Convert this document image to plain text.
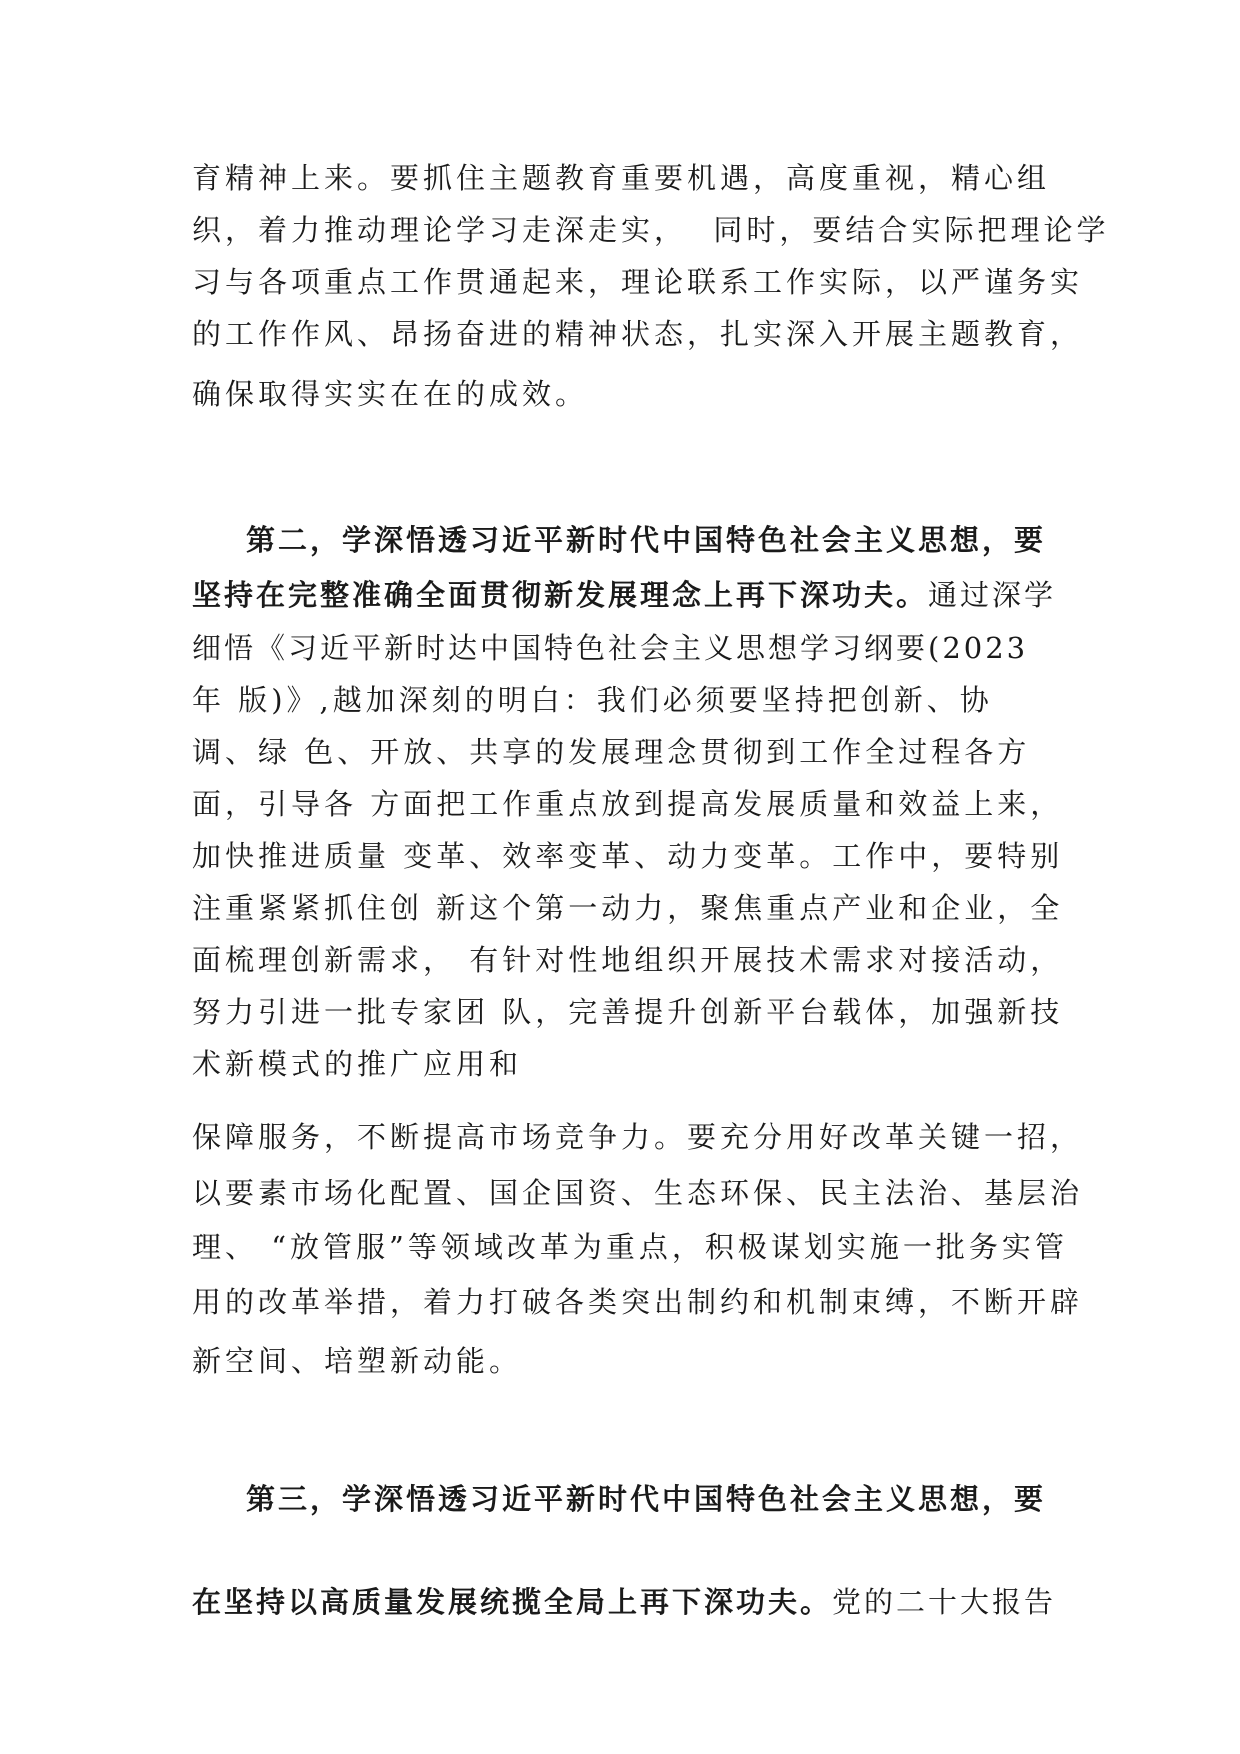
育精神上来。要抓住主题教育重要机遇，高度重视，精心组
织，着力推动理论学习走深走实，  同时，要结合实际把理论学
习与各项重点工作贯通起来，理论联系工作实际，以严谨务实
的工作作风、昂扬奋进的精神状态，扎实深入开展主题教育，
确保取得实实在在的成效。
第二，学深悟透习近平新时代中国特色社会主义思想，要
坚持在完整准确全面贯彻新发展理念上再下深功夫。通过深学
细悟《习近平新时达中国特色社会主义思想学习纲要(2023
年 版)》,越加深刻的明白：我们必须要坚持把创新、协
调、绿 色、开放、共享的发展理念贯彻到工作全过程各方
面，引导各 方面把工作重点放到提高发展质量和效益上来，
加快推进质量 变革、效率变革、动力变革。工作中，要特别
注重紧紧抓住创 新这个第一动力，聚焦重点产业和企业，全
面梳理创新需求， 有针对性地组织开展技术需求对接活动，
努力引进一批专家团 队，完善提升创新平台载体，加强新技
术新模式的推广应用和
保障服务，不断提高市场竞争力。要充分用好改革关键一招，
以要素市场化配置、国企国资、生态环保、民主法治、基层治
理、 “放管服”等领域改革为重点，积极谋划实施一批务实管
用的改革举措，着力打破各类突出制约和机制束缚，不断开辟
新空间、培塑新动能。
第三，学深悟透习近平新时代中国特色社会主义思想，要
在坚持以高质量发展统揽全局上再下深功夫。党的二十大报告
